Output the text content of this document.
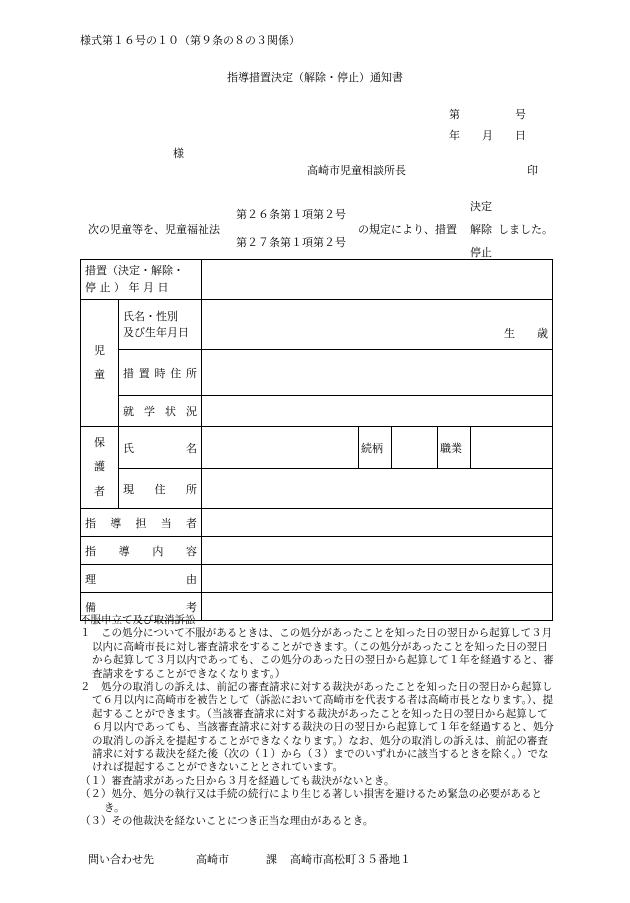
様式第１６号の１０（第９条の８の３関係）
指導措置決定（解除・停止）通知書
第　　　　　号
年　　月　　日
様
高崎市児童相談所長	印
次の児童等を、児童福祉法
第２６条第１項第２号
第２７条第１項第２号
の規定により、措置
決定
解除
停止
しました。
措置（決定・解除・
停 止 ） 年 月 日						

児　童	氏名・性別
及び生年月日	生　　歳				
	措置時住所					
	就学状況					
保　護　者	氏名		続柄		職業	
	現住所					
指導担当者						
指導内容						
理由						
備考						

不服申立て及び取消訴訟

１　この処分について不服があるときは、この処分があったことを知った日の翌日から起算して３月以内に高崎市長に対し審査請求をすることができます。（この処分があったことを知った日の翌日から起算して３月以内であっても、この処分のあった日の翌日から起算して１年を経過すると、審査請求をすることができなくなります。）

２　処分の取消しの訴えは、前記の審査請求に対する裁決があったことを知った日の翌日から起算して６月以内に高崎市を被告として（訴訟において高崎市を代表する者は高崎市長となります。）、提起することができます。（当該審査請求に対する裁決があったことを知った日の翌日から起算して６月以内であっても、当該審査請求に対する裁決の日の翌日から起算して１年を経過すると、処分の取消しの訴えを提起することができなくなります。）なお、処分の取消しの訴えは、前記の審査請求に対する裁決を経た後（次の（１）から（３）までのいずれかに該当するときを除く。）でなければ提起することができないこととされています。

（１）審査請求があった日から３月を経過しても裁決がないとき。

（２）処分、処分の執行又は手続の続行により生じる著しい損害を避けるため緊急の必要があるとき。

（３）その他裁決を経ないことにつき正当な理由があるとき。

問い合わせ先	高崎市	課 高崎市高松町３５番地１
